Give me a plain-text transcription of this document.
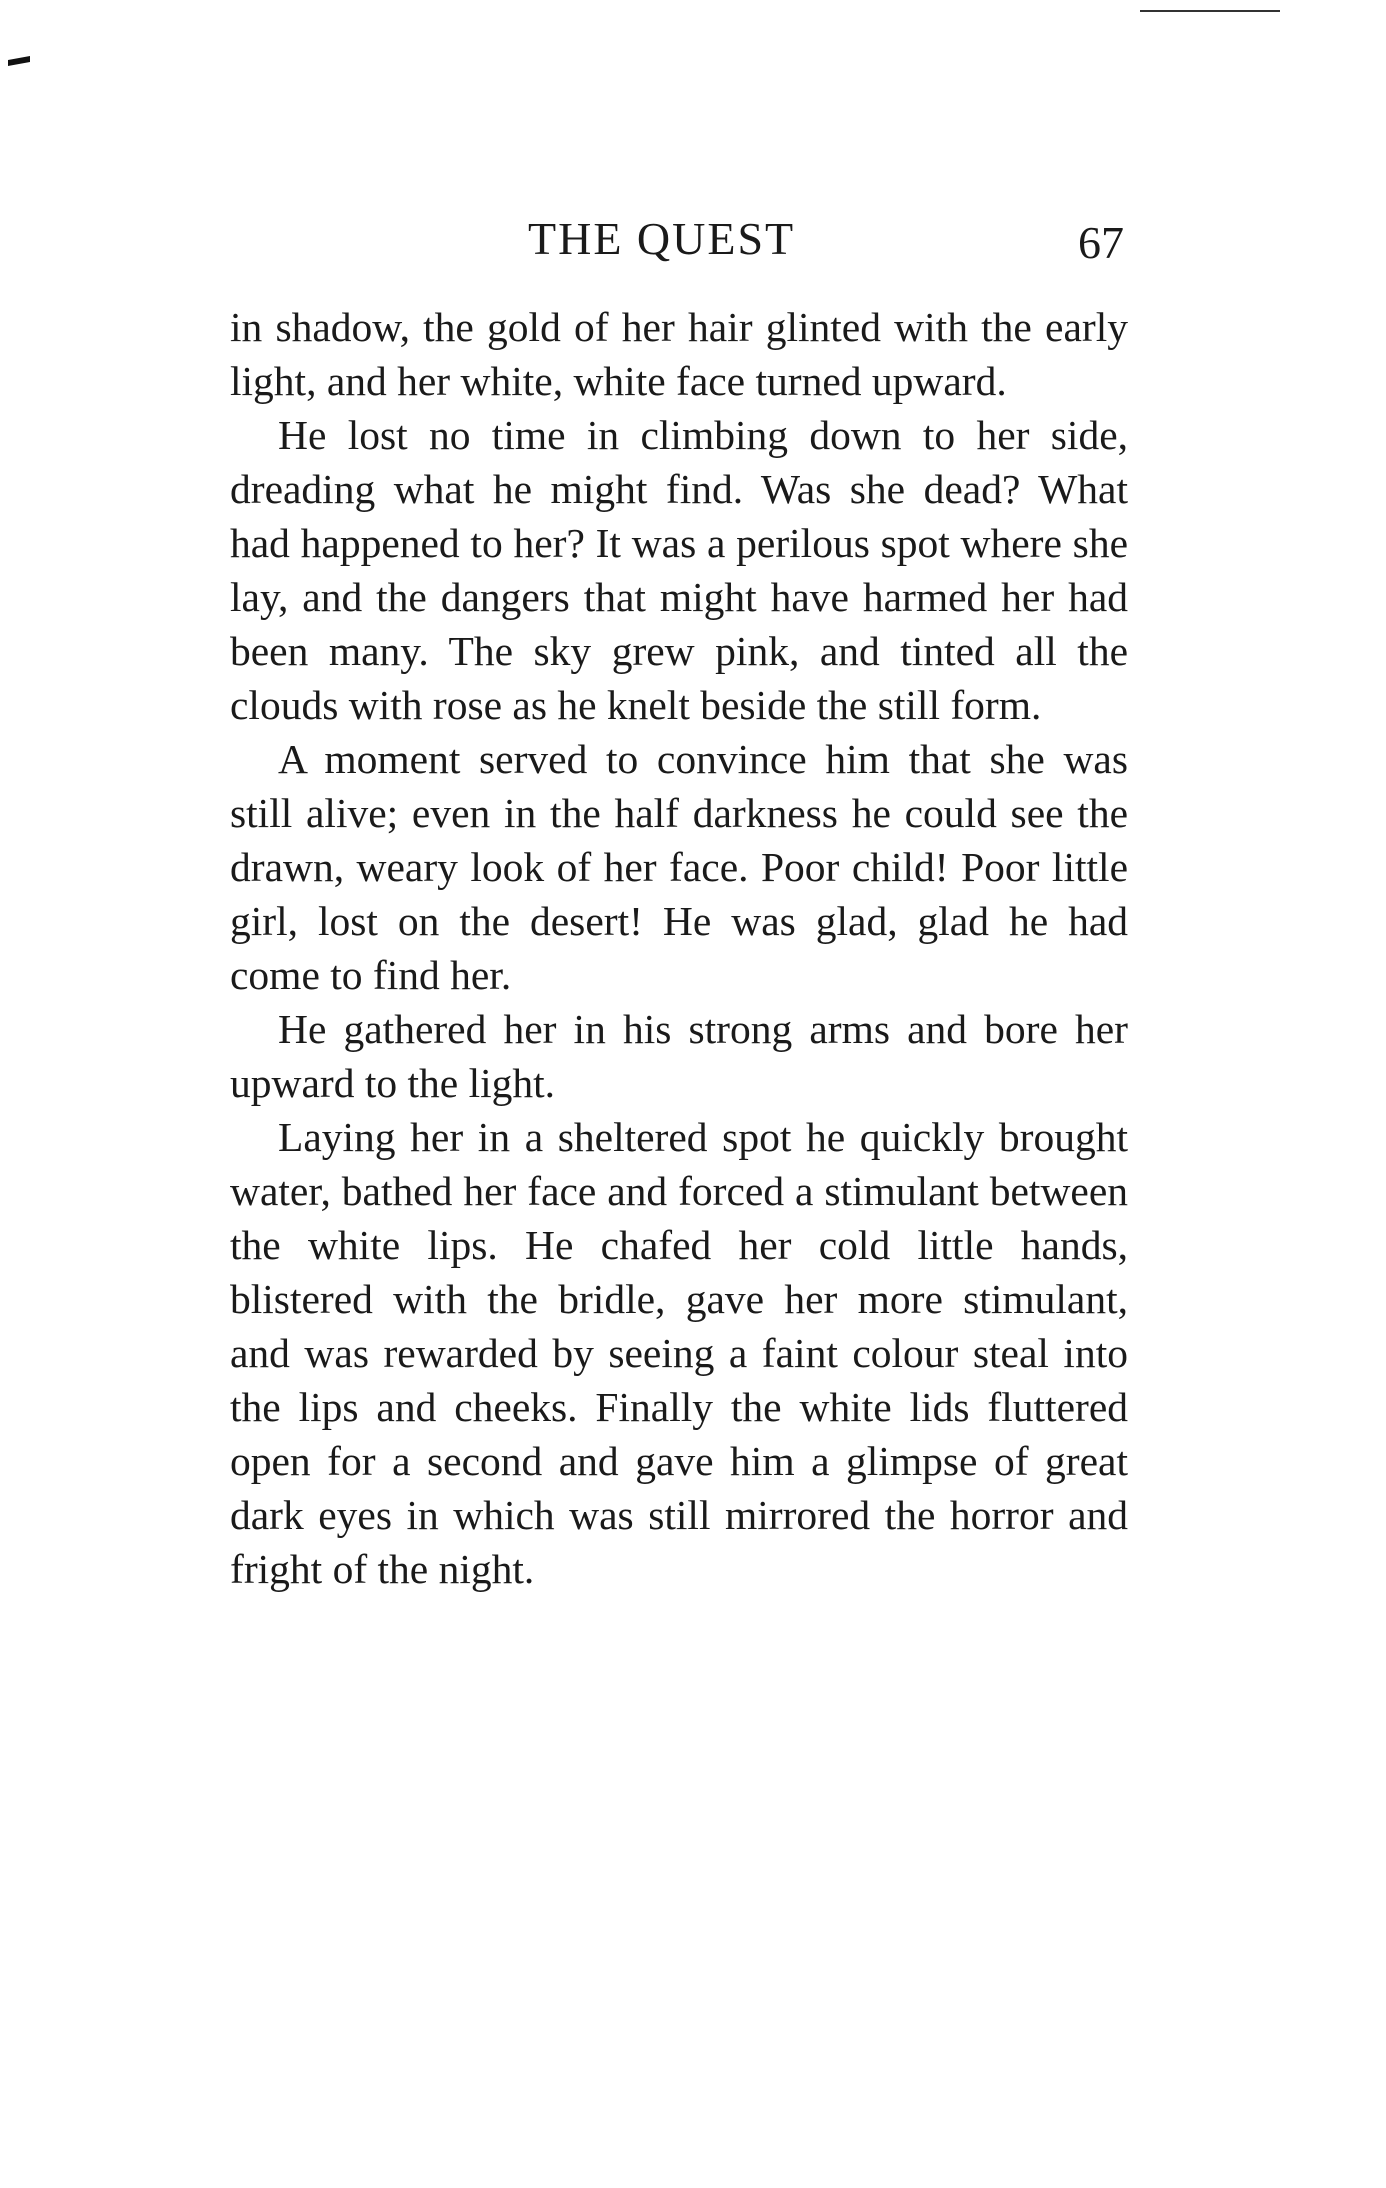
THE QUEST	67

in shadow, the gold of her hair glinted with the early light, and her white, white face turned upward.

He lost no time in climbing down to her side, dreading what he might find. Was she dead? What had happened to her? It was a perilous spot where she lay, and the dangers that might have harmed her had been many. The sky grew pink, and tinted all the clouds with rose as he knelt beside the still form.

A moment served to convince him that she was still alive; even in the half darkness he could see the drawn, weary look of her face. Poor child! Poor little girl, lost on the desert! He was glad, glad he had come to find her.

He gathered her in his strong arms and bore her upward to the light.

Laying her in a sheltered spot he quickly brought water, bathed her face and forced a stimulant between the white lips. He chafed her cold little hands, blistered with the bridle, gave her more stimulant, and was rewarded by seeing a faint colour steal into the lips and cheeks. Finally the white lids fluttered open for a second and gave him a glimpse of great dark eyes in which was still mirrored the horror and fright of the night.
